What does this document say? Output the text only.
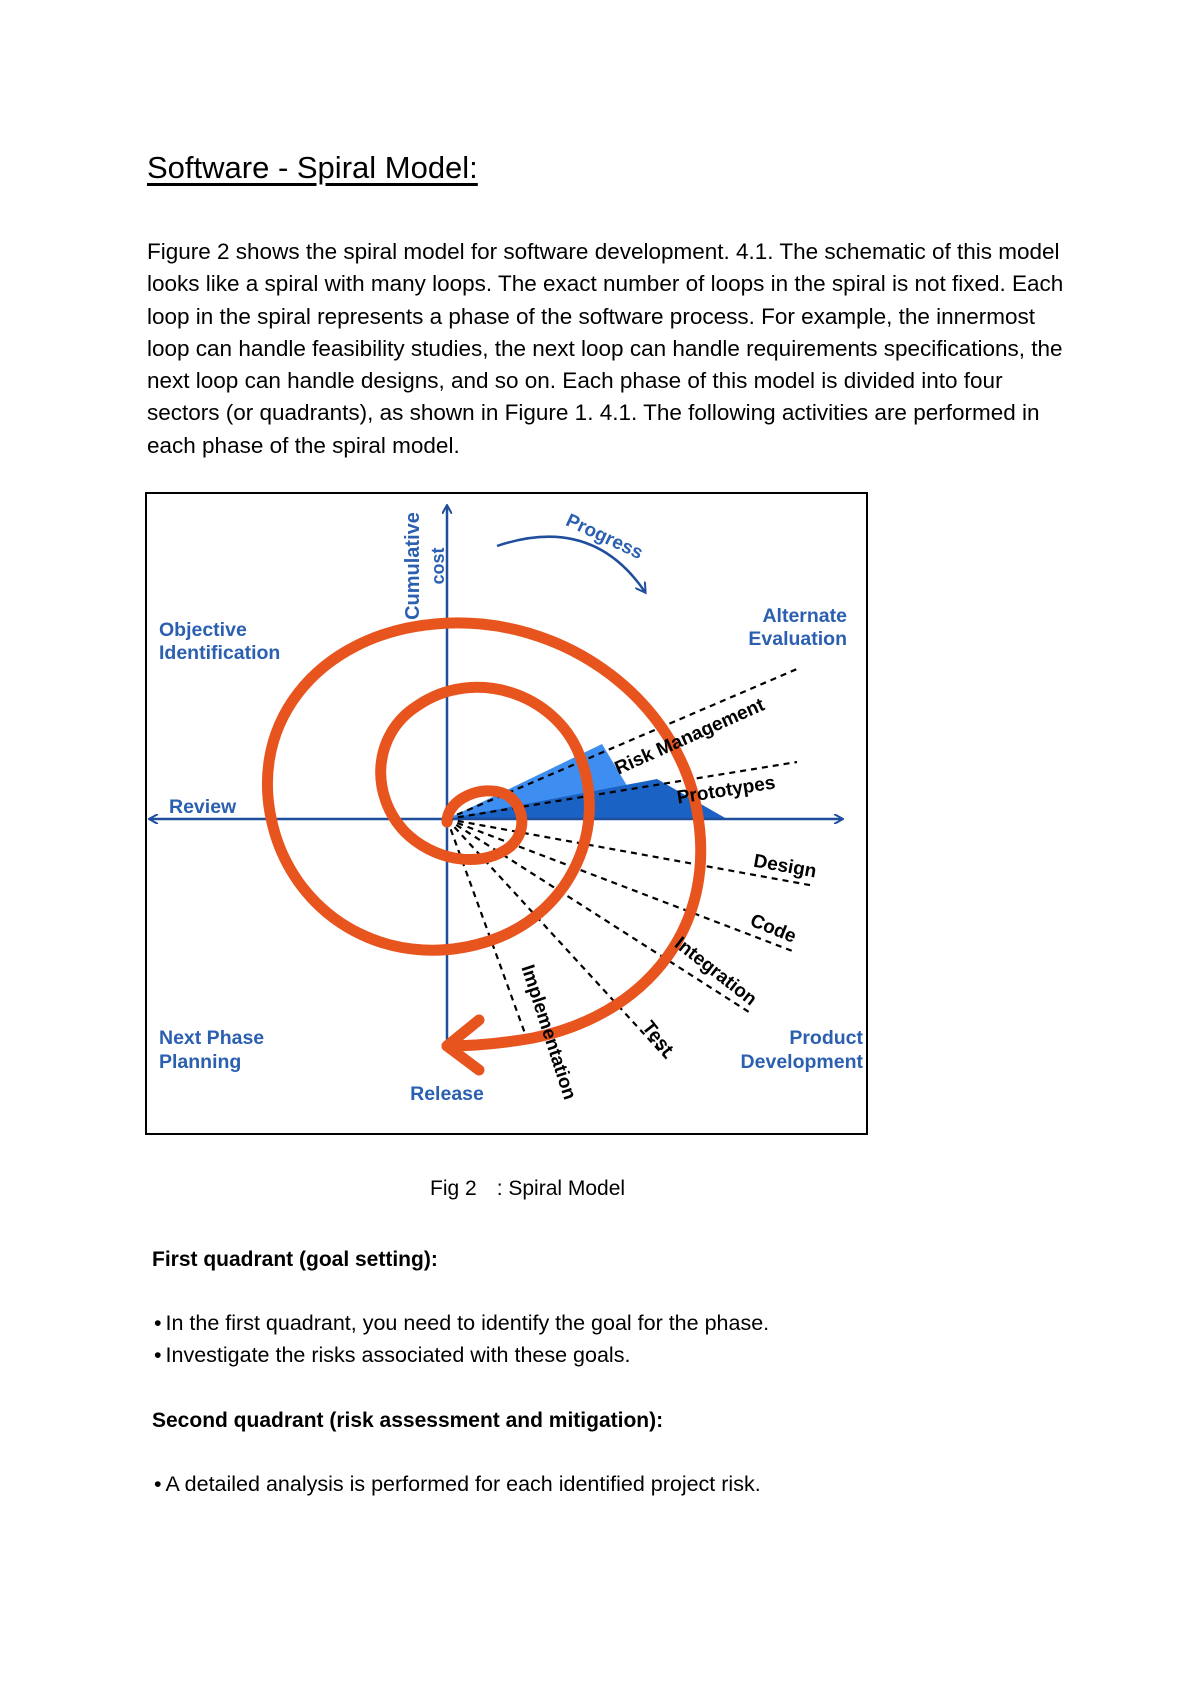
Software - Spiral Model:

Figure 2 shows the spiral model for software development. 4.1. The schematic of this model looks like a spiral with many loops. The exact number of loops in the spiral is not fixed. Each loop in the spiral represents a phase of the software process. For example, the innermost loop can handle feasibility studies, the next loop can handle requirements specifications, the next loop can handle designs, and so on. Each phase of this model is divided into four sectors (or quadrants), as shown in Figure 1. 4.1. The following activities are performed in each phase of the spiral model.

Progress
Cumulative cost
Objective
Identification
Alternate
Evaluation
Review
Next Phase
Planning
Release
Product
Development
Risk Management
Prototypes
Design
Code
Integration
Test
Implementation

Fig 2 : Spiral Model

First quadrant (goal setting):

• In the first quadrant, you need to identify the goal for the phase.

• Investigate the risks associated with these goals.

Second quadrant (risk assessment and mitigation):

• A detailed analysis is performed for each identified project risk.
